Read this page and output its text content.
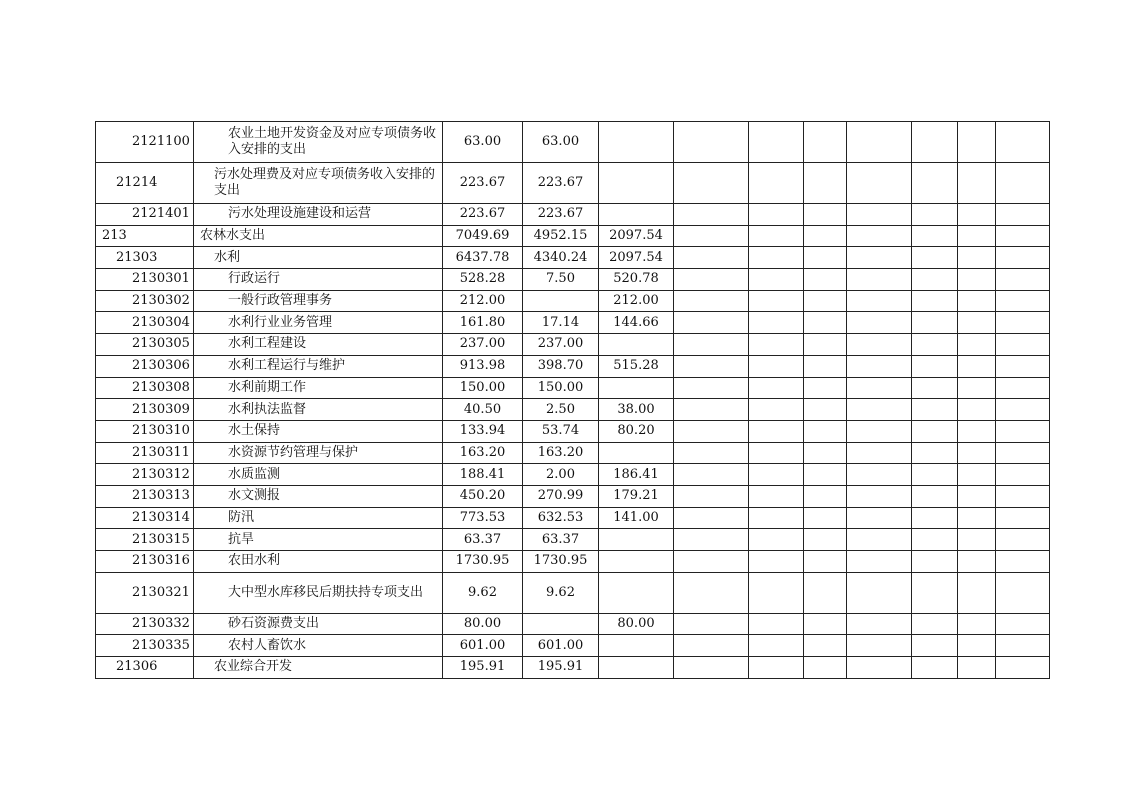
2121100	农业土地开发资金及对应专项债务收入安排的支出	63.00	63.00								
21214	污水处理费及对应专项债务收入安排的支出	223.67	223.67								
2121401	污水处理设施建设和运营	223.67	223.67								
213	农林水支出	7049.69	4952.15	2097.54							
21303	水利	6437.78	4340.24	2097.54							
2130301	行政运行	528.28	7.50	520.78							
2130302	一般行政管理事务	212.00		212.00							
2130304	水利行业业务管理	161.80	17.14	144.66							
2130305	水利工程建设	237.00	237.00								
2130306	水利工程运行与维护	913.98	398.70	515.28							
2130308	水利前期工作	150.00	150.00								
2130309	水利执法监督	40.50	2.50	38.00							
2130310	水土保持	133.94	53.74	80.20							
2130311	水资源节约管理与保护	163.20	163.20								
2130312	水质监测	188.41	2.00	186.41							
2130313	水文测报	450.20	270.99	179.21							
2130314	防汛	773.53	632.53	141.00							
2130315	抗旱	63.37	63.37								
2130316	农田水利	1730.95	1730.95								
2130321	大中型水库移民后期扶持专项支出	9.62	9.62								
2130332	砂石资源费支出	80.00		80.00							
2130335	农村人畜饮水	601.00	601.00								
21306	农业综合开发	195.91	195.91								
